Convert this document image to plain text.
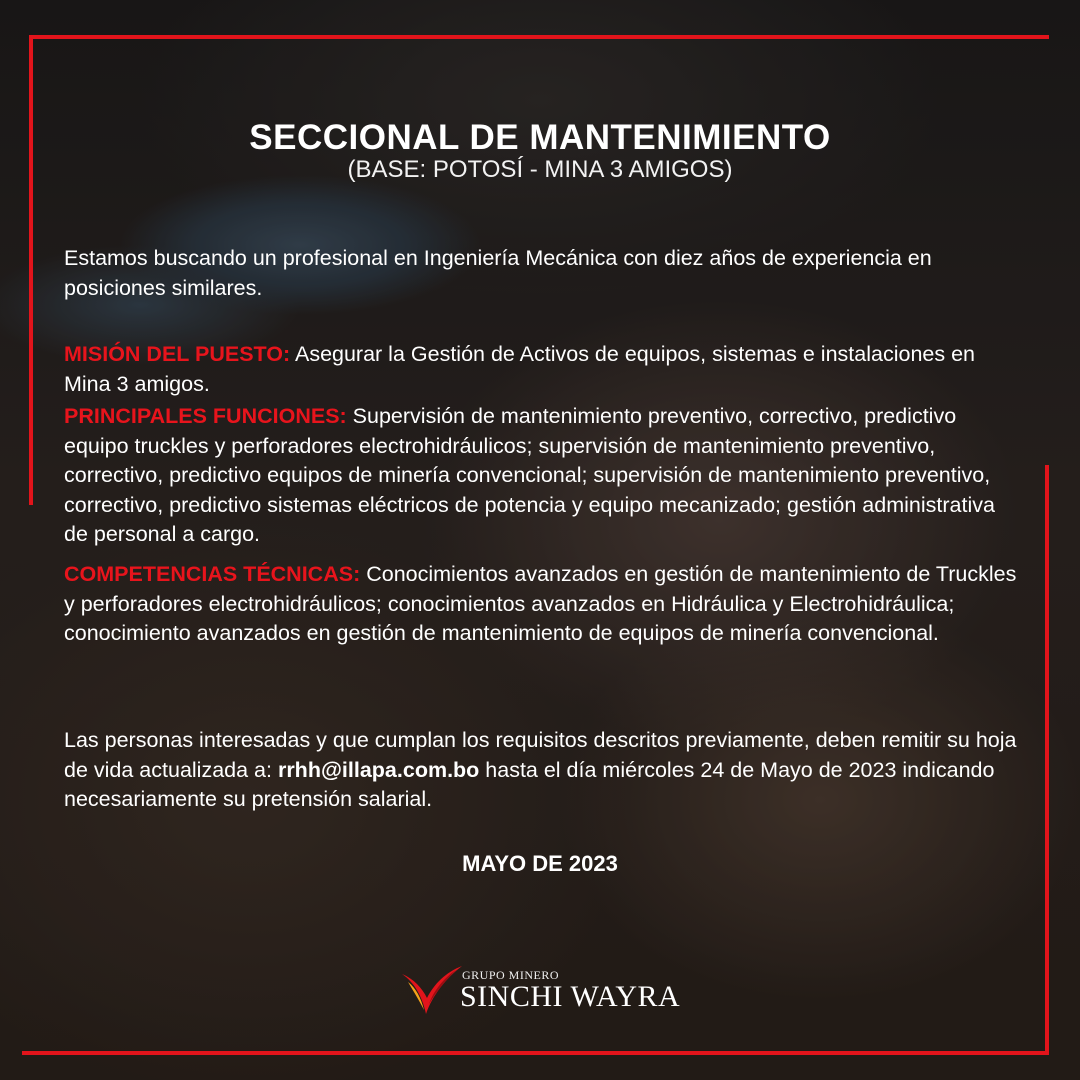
SECCIONAL DE MANTENIMIENTO
(BASE: POTOSÍ - MINA 3 AMIGOS)
Estamos buscando un profesional en Ingeniería Mecánica con diez años de experiencia en posiciones similares.
MISIÓN DEL PUESTO: Asegurar la Gestión de Activos de equipos, sistemas e instalaciones en Mina 3 amigos.
PRINCIPALES FUNCIONES: Supervisión de mantenimiento preventivo, correctivo, predictivo equipo truckles y perforadores electrohidráulicos; supervisión de mantenimiento preventivo, correctivo, predictivo equipos de minería convencional; supervisión de mantenimiento preventivo, correctivo, predictivo sistemas eléctricos de potencia y equipo mecanizado; gestión administrativa de personal a cargo.
COMPETENCIAS TÉCNICAS: Conocimientos avanzados en gestión de mantenimiento de Truckles y perforadores electrohidráulicos; conocimientos avanzados en Hidráulica y Electrohidráulica; conocimiento avanzados en gestión de mantenimiento de equipos de minería convencional.
Las personas interesadas y que cumplan los requisitos descritos previamente, deben remitir su hoja de vida actualizada a: rrhh@illapa.com.bo hasta el día miércoles 24 de Mayo de 2023 indicando necesariamente su pretensión salarial.
MAYO DE 2023
GRUPO MINERO
SINCHI WAYRA
